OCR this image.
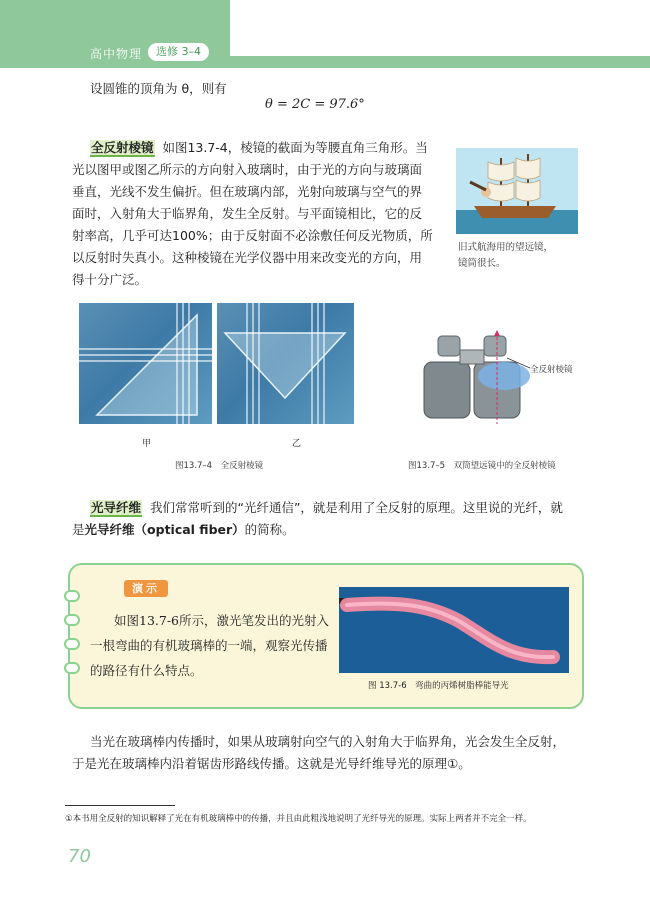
高中物理	选修 3–4
设圆锥的顶角为 θ，则有
θ = 2C = 97.6°
全反射棱镜 如图13.7-4，棱镜的截面为等腰直角三角形。当
光以图甲或图乙所示的方向射入玻璃时，由于光的方向与玻璃面
垂直，光线不发生偏折。但在玻璃内部，光射向玻璃与空气的界
面时，入射角大于临界角，发生全反射。与平面镜相比，它的反
射率高，几乎可达100%；由于反射面不必涂敷任何反光物质，所
以反射时失真小。这种棱镜在光学仪器中用来改变光的方向，用
得十分广泛。
旧式航海用的望远镜，
镜筒很长。
甲	乙
图13.7–4　全反射棱镜
全反射棱镜
图13.7–5　双筒望远镜中的全反射棱镜
光导纤维 我们常常听到的“光纤通信”，就是利用了全反射的原理。这里说的光纤，就
是光导纤维（optical fiber）的简称。
演示
如图13.7-6所示，激光笔发出的光射入一根弯曲的有机玻璃棒的一端，观察光传播的路径有什么特点。
图 13.7-6　弯曲的丙烯树脂棒能导光
当光在玻璃棒内传播时，如果从玻璃射向空气的入射角大于临界角，光会发生全反射，
于是光在玻璃棒内沿着锯齿形路线传播。这就是光导纤维导光的原理①。
①本书用全反射的知识解释了光在有机玻璃棒中的传播，并且由此粗浅地说明了光纤导光的原理。实际上两者并不完全一样。
70
